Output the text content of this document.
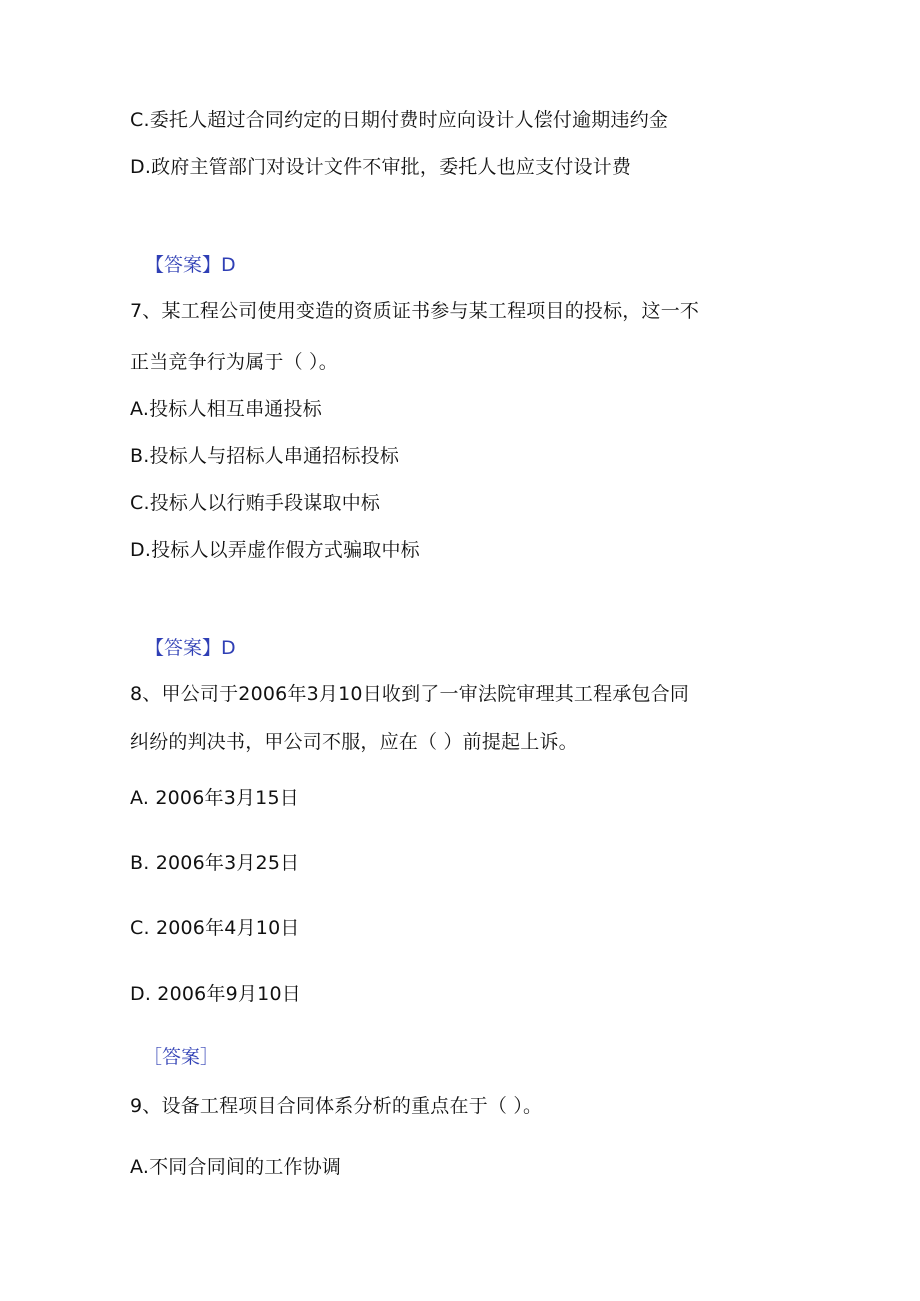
C.委托人超过合同约定的日期付费时应向设计人偿付逾期违约金
D.政府主管部门对设计文件不审批，委托人也应支付设计费
【答案】D
7、某工程公司使用变造的资质证书参与某工程项目的投标，这一不
正当竞争行为属于（ ）。
A.投标人相互串通投标
B.投标人与招标人串通招标投标
C.投标人以行贿手段谋取中标
D.投标人以弄虚作假方式骗取中标
【答案】D
8、甲公司于2006年3月10日收到了一审法院审理其工程承包合同
纠纷的判决书，甲公司不服，应在（ ）前提起上诉。
A. 2006年3月15日
B. 2006年3月25日
C. 2006年4月10日
D. 2006年9月10日
［答案］
9、设备工程项目合同体系分析的重点在于（ ）。
A.不同合同间的工作协调
